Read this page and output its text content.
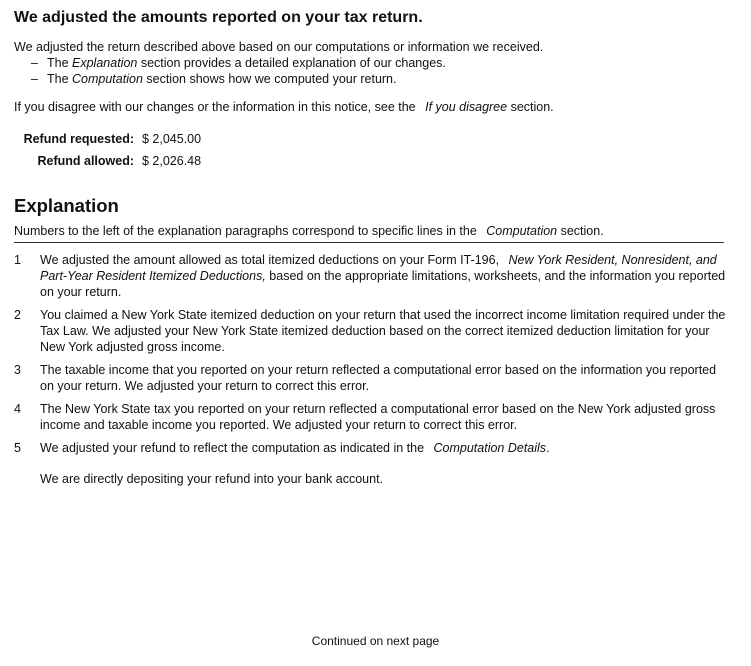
We adjusted the amounts reported on your tax return.
We adjusted the return described above based on our computations or information we received.
– The Explanation section provides a detailed explanation of our changes.
– The Computation section shows how we computed your return.
If you disagree with our changes or the information in this notice, see the If you disagree section.
Refund requested: $ 2,045.00
Refund allowed: $ 2,026.48
Explanation
Numbers to the left of the explanation paragraphs correspond to specific lines in the Computation section.
1	We adjusted the amount allowed as total itemized deductions on your Form IT-196, New York Resident, Nonresident, and Part-Year Resident Itemized Deductions, based on the appropriate limitations, worksheets, and the information you reported on your return.
2	You claimed a New York State itemized deduction on your return that used the incorrect income limitation required under the Tax Law. We adjusted your New York State itemized deduction based on the correct itemized deduction limitation for your New York adjusted gross income.
3	The taxable income that you reported on your return reflected a computational error based on the information you reported on your return. We adjusted your return to correct this error.
4	The New York State tax you reported on your return reflected a computational error based on the New York adjusted gross income and taxable income you reported. We adjusted your return to correct this error.
5	We adjusted your refund to reflect the computation as indicated in the Computation Details.
We are directly depositing your refund into your bank account.
Continued on next page
